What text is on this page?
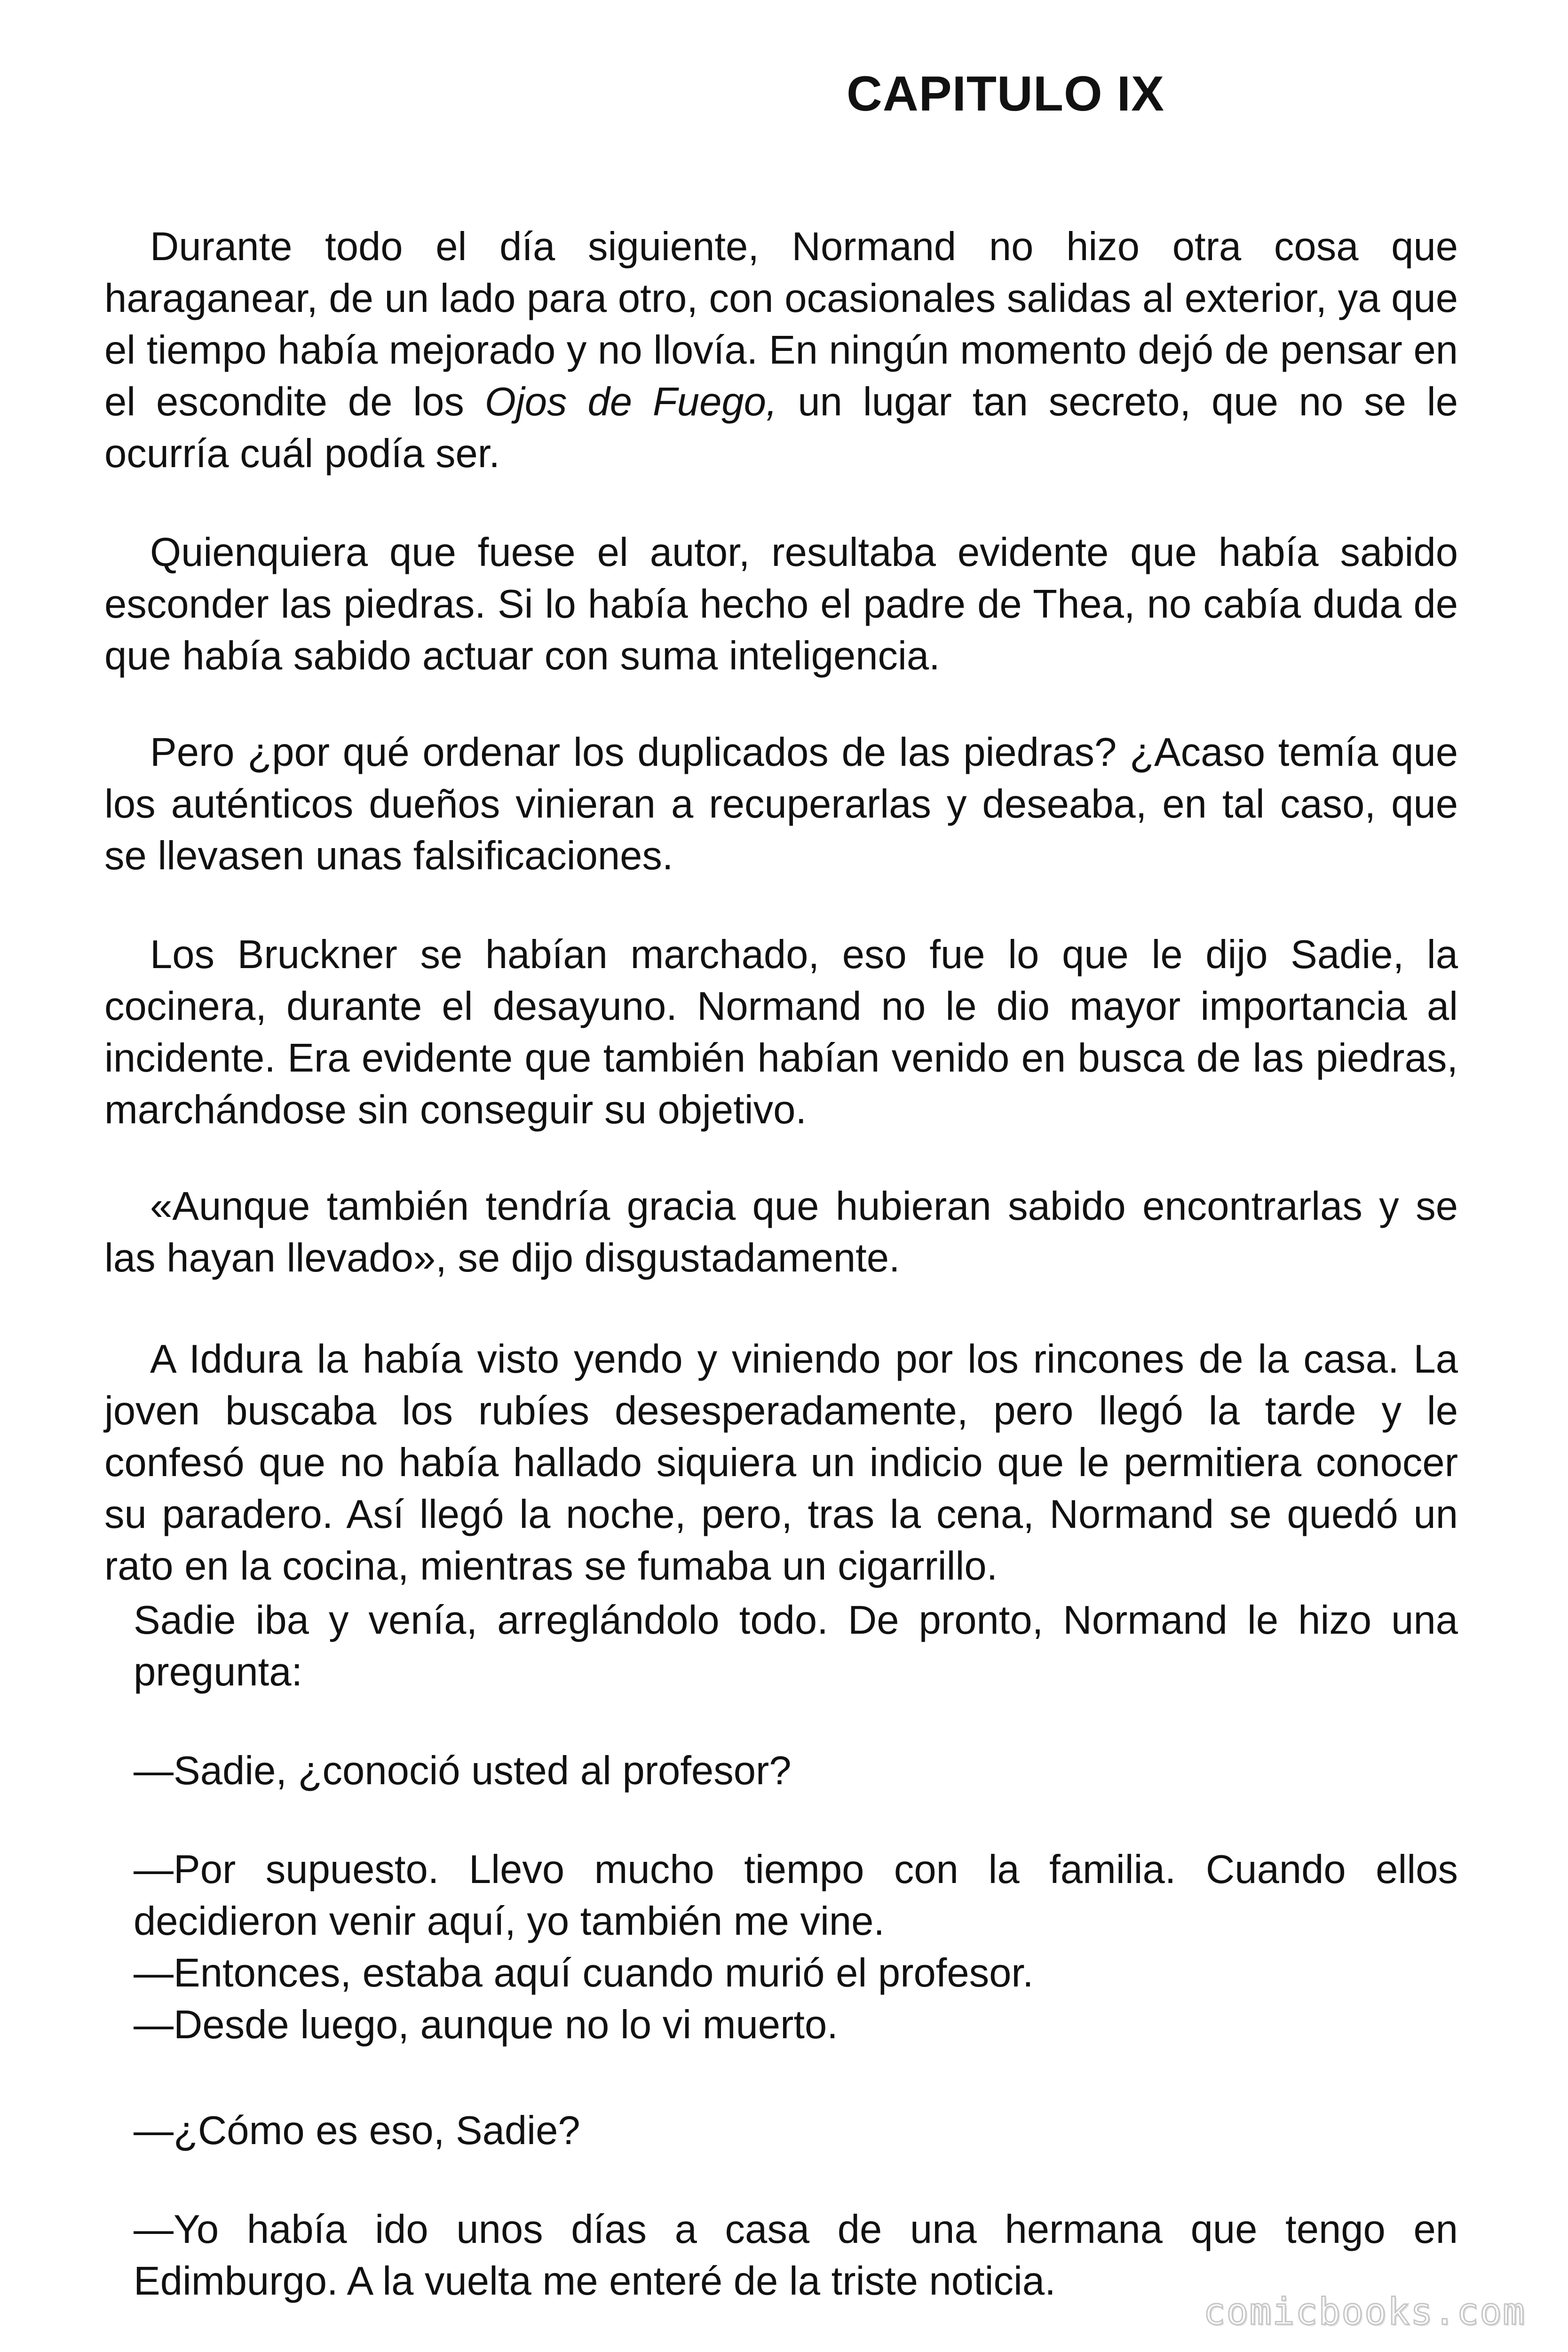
CAPITULO IX

Durante todo el día siguiente, Normand no hizo otra cosa que haraganear, de un lado para otro, con ocasionales salidas al exterior, ya que el tiempo había mejorado y no llovía. En ningún momento dejó de pensar en el escondite de los Ojos de Fuego, un lugar tan secreto, que no se le ocurría cuál podía ser.

Quienquiera que fuese el autor, resultaba evidente que había sabido esconder las piedras. Si lo había hecho el padre de Thea, no cabía duda de que había sabido actuar con suma inteligencia.

Pero ¿por qué ordenar los duplicados de las piedras? ¿Acaso temía que los auténticos dueños vinieran a recuperarlas y deseaba, en tal caso, que se llevasen unas falsificaciones.

Los Bruckner se habían marchado, eso fue lo que le dijo Sadie, la cocinera, durante el desayuno. Normand no le dio mayor importancia al incidente. Era evidente que también habían venido en busca de las piedras, marchándose sin conseguir su objetivo.

«Aunque también tendría gracia que hubieran sabido encontrarlas y se las hayan llevado», se dijo disgustadamente.

A Iddura la había visto yendo y viniendo por los rincones de la casa. La joven buscaba los rubíes desesperadamente, pero llegó la tarde y le confesó que no había hallado siquiera un indicio que le permitiera conocer su paradero. Así llegó la noche, pero, tras la cena, Normand se quedó un rato en la cocina, mientras se fumaba un cigarrillo.

Sadie iba y venía, arreglándolo todo. De pronto, Normand le hizo una pregunta:

—Sadie, ¿conoció usted al profesor?

—Por supuesto. Llevo mucho tiempo con la familia. Cuando ellos decidieron venir aquí, yo también me vine.
—Entonces, estaba aquí cuando murió el profesor.
—Desde luego, aunque no lo vi muerto.

—¿Cómo es eso, Sadie?

—Yo había ido unos días a casa de una hermana que tengo en Edimburgo. A la vuelta me enteré de la triste noticia.

comicbooks.com
